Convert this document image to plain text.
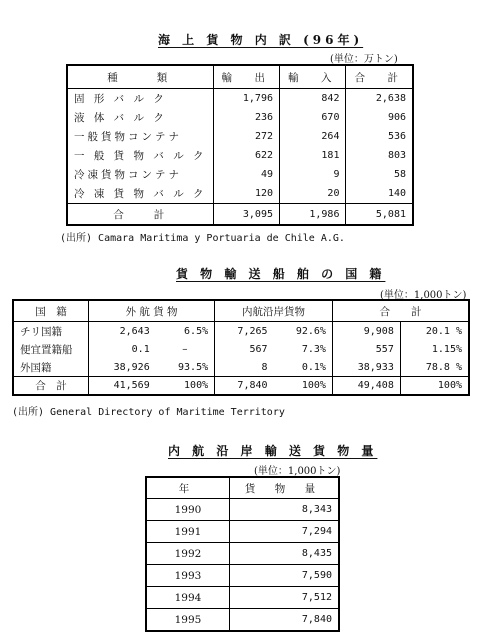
海 上 貨 物 内 訳 (96年)
(単位：万トン)
種　　類	輸　出	輸　入	合　計
固 形 バ ル ク	1,796	842	2,638
液 体 バ ル ク	236	670	906
一般貨物コンテナ	272	264	536
一 般 貨 物 バ ル ク	622	181	803
冷凍貨物コンテナ	49	9	58
冷 凍 貨 物 バ ル ク	120	20	140
合　　計	3,095	1,986	5,081
(出所) Camara Maritima y Portuaria de Chile A.G.
貨 物 輸 送 船 舶 の 国 籍
(単位：1,000トン)
国　籍	外 航 貨 物		内航沿岸貨物		合　　計	
チリ国籍	2,643	6.5%	7,265	92.6%	9,908	20.1 %
便宜置籍船	0.1	–	567	7.3%	557	1.15%
外国籍	38,926	93.5%	8	0.1%	38,933	78.8 %
合　計	41,569	100%	7,840	100%	49,408	100%
(出所) General Directory of Maritime Territory
内 航 沿 岸 輸 送 貨 物 量
(単位：1,000トン)
年	貨 物 量
1990	8,343
1991	7,294
1992	8,435
1993	7,590
1994	7,512
1995	7,840
